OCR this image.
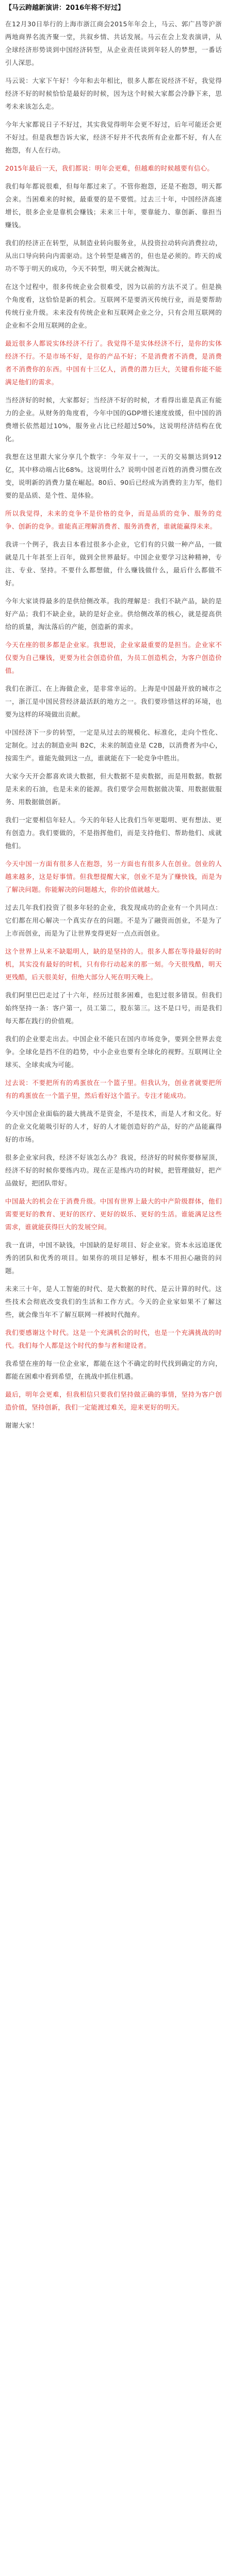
【马云跨越新演讲：2016年将不好过】
在12月30日举行的上海市浙江商会2015年年会上，马云、郭广昌等沪浙两地商界名流齐聚一堂，共叙乡情、共话发展。马云在会上发表演讲，从全球经济形势谈到中国经济转型，从企业责任谈到年轻人的梦想，一番话引人深思。
马云说：大家下午好！今年和去年相比，很多人都在说经济不好，我觉得经济不好的时候恰恰是最好的时候，因为这个时候大家都会冷静下来，思考未来该怎么走。
今年大家都说日子不好过，其实我觉得明年会更不好过，后年可能还会更不好过。但是我想告诉大家，经济不好并不代表所有企业都不好，有人在抱怨，有人在行动。
2015年最后一天，我们都说：明年会更难，但越难的时候越要有信心。
我们每年都说很难，但每年都过来了。不管你抱怨，还是不抱怨，明天都会来。当困难来的时候，最重要的是不要慌。过去三十年，中国经济高速增长，很多企业是靠机会赚钱；未来三十年，要靠能力、靠创新、靠担当赚钱。
我们的经济正在转型，从制造业转向服务业，从投资拉动转向消费拉动，从出口导向转向内需驱动。这个转型是痛苦的，但也是必须的。昨天的成功不等于明天的成功，今天不转型，明天就会被淘汰。
在这个过程中，很多传统企业会很难受，因为以前的方法不灵了。但是换个角度看，这恰恰是新的机会。互联网不是要消灭传统行业，而是要帮助传统行业升级。未来没有传统企业和互联网企业之分，只有会用互联网的企业和不会用互联网的企业。
最近很多人都说实体经济不行了。我觉得不是实体经济不行，是你的实体经济不行。不是市场不好，是你的产品不好；不是消费者不消费，是消费者不消费你的东西。中国有十三亿人，消费的潜力巨大，关键看你能不能满足他们的需求。
当经济好的时候，大家都好；当经济不好的时候，才看得出谁是真正有能力的企业。从财务的角度看，今年中国的GDP增长速度放缓，但中国的消费增长依然超过10%，服务业占比已经超过50%，这说明经济结构在优化。
我想在这里跟大家分享几个数字：今年双十一，一天的交易额达到912亿，其中移动端占比68%。这说明什么？说明中国老百姓的消费习惯在改变，说明新的消费力量在崛起。80后、90后已经成为消费的主力军，他们要的是品质、是个性、是体验。
所以我觉得，未来的竞争不是价格的竞争，而是品质的竞争、服务的竞争、创新的竞争。谁能真正理解消费者、服务消费者，谁就能赢得未来。
我讲一个例子，我去日本看过很多小企业，它们有的只做一种产品，一做就是几十年甚至上百年，做到全世界最好。中国企业要学习这种精神，专注、专业、坚持。不要什么都想做，什么赚钱做什么，最后什么都做不好。
今年大家谈得最多的是供给侧改革。我的理解是：我们不缺产品，缺的是好产品；我们不缺企业，缺的是好企业。供给侧改革的核心，就是提高供给的质量，淘汰落后的产能，创造新的需求。
今天在座的很多都是企业家。我想说，企业家最重要的是担当。企业家不仅要为自己赚钱，更要为社会创造价值，为员工创造机会，为客户创造价值。
我们在浙江、在上海做企业，是非常幸运的。上海是中国最开放的城市之一，浙江是中国民营经济最活跃的地方之一。我们要珍惜这样的环境，也要为这样的环境做出贡献。
中国经济下一步的转型，一定是从过去的规模化、标准化，走向个性化、定制化。过去的制造业叫 B2C，未来的制造业是 C2B，以消费者为中心，按需生产。谁能先做到这一点，谁就能在下一轮竞争中胜出。
大家今天开会都喜欢谈大数据，但大数据不是卖数据，而是用数据。数据是未来的石油，也是未来的能源。我们要学会用数据做决策、用数据做服务、用数据做创新。
我们一定要相信年轻人。今天的年轻人比我们当年更聪明、更有想法、更有创造力。我们要做的，不是指挥他们，而是支持他们、帮助他们、成就他们。
今天中国一方面有很多人在抱怨，另一方面也有很多人在创业。创业的人越来越多，这是好事情。但我想提醒大家，创业不是为了赚快钱，而是为了解决问题。你能解决的问题越大，你的价值就越大。
过去几年我们投资了很多年轻的企业，我发现成功的企业有一个共同点：它们都在用心解决一个真实存在的问题。不是为了融资而创业，不是为了上市而创业，而是为了让世界变得更好一点点而创业。
这个世界上从来不缺聪明人，缺的是坚持的人。很多人都在等待最好的时机，其实没有最好的时机，只有你行动起来的那一刻。今天很残酷，明天更残酷，后天很美好，但绝大部分人死在明天晚上。
我们阿里巴巴走过了十六年，经历过很多困难，也犯过很多错误。但我们始终坚持一条：客户第一，员工第二，股东第三。这不是口号，而是我们每天都在践行的价值观。
我们的企业要走出去。中国企业不能只在国内市场竞争，要到全世界去竞争。全球化是挡不住的趋势，中小企业也要有全球化的视野。互联网让全球买、全球卖成为可能。
过去说：不要把所有的鸡蛋放在一个篮子里。但我认为，创业者就要把所有的鸡蛋放在一个篮子里，然后看好这个篮子。专注才能成功。
今天中国企业面临的最大挑战不是资金，不是技术，而是人才和文化。好的企业文化能吸引好的人才，好的人才能创造好的产品，好的产品能赢得好的市场。
很多企业家问我，经济不好该怎么办？我说，经济好的时候你要修屋顶，经济不好的时候你要练内功。现在正是练内功的时候，把管理做好，把产品做好，把团队带好。
中国最大的机会在于消费升级。中国有世界上最大的中产阶级群体，他们需要更好的教育、更好的医疗、更好的娱乐、更好的生活。谁能满足这些需求，谁就能获得巨大的发展空间。
我一直讲，中国不缺钱，中国缺的是好项目、好企业家。资本永远追逐优秀的团队和优秀的项目。如果你的项目足够好，根本不用担心融资的问题。
未来三十年，是人工智能的时代、是大数据的时代、是云计算的时代。这些技术会彻底改变我们的生活和工作方式。今天的企业家如果不了解这些，就会像当年不了解互联网一样被时代抛弃。
我们要感谢这个时代。这是一个充满机会的时代，也是一个充满挑战的时代。我们每个人都是这个时代的参与者和建设者。
我希望在座的每一位企业家，都能在这个不确定的时代找到确定的方向，都能在困难中看到希望，在挑战中抓住机遇。
最后，明年会更难，但我相信只要我们坚持做正确的事情，坚持为客户创造价值，坚持创新，我们一定能渡过难关，迎来更好的明天。
谢谢大家！
